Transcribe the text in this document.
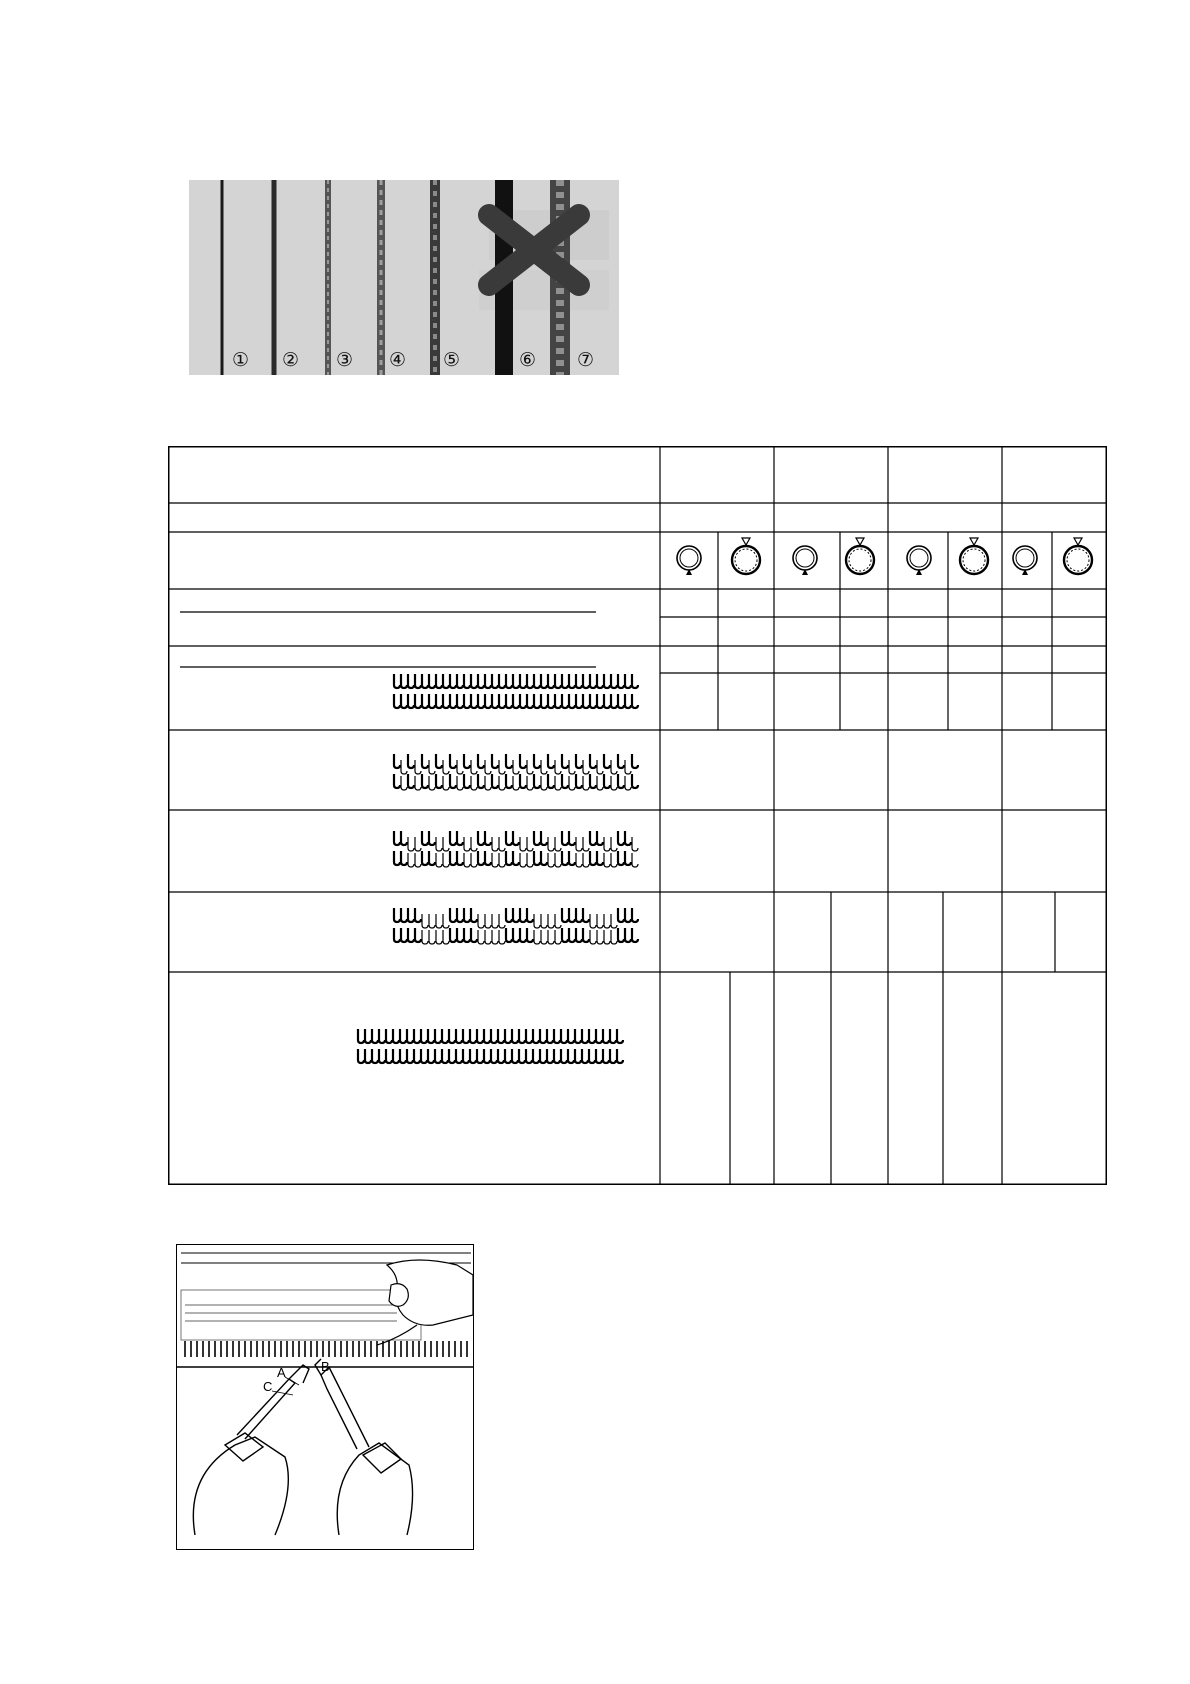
① ② ③ ④ ⑤	⑥ ⑦
A	B
C
